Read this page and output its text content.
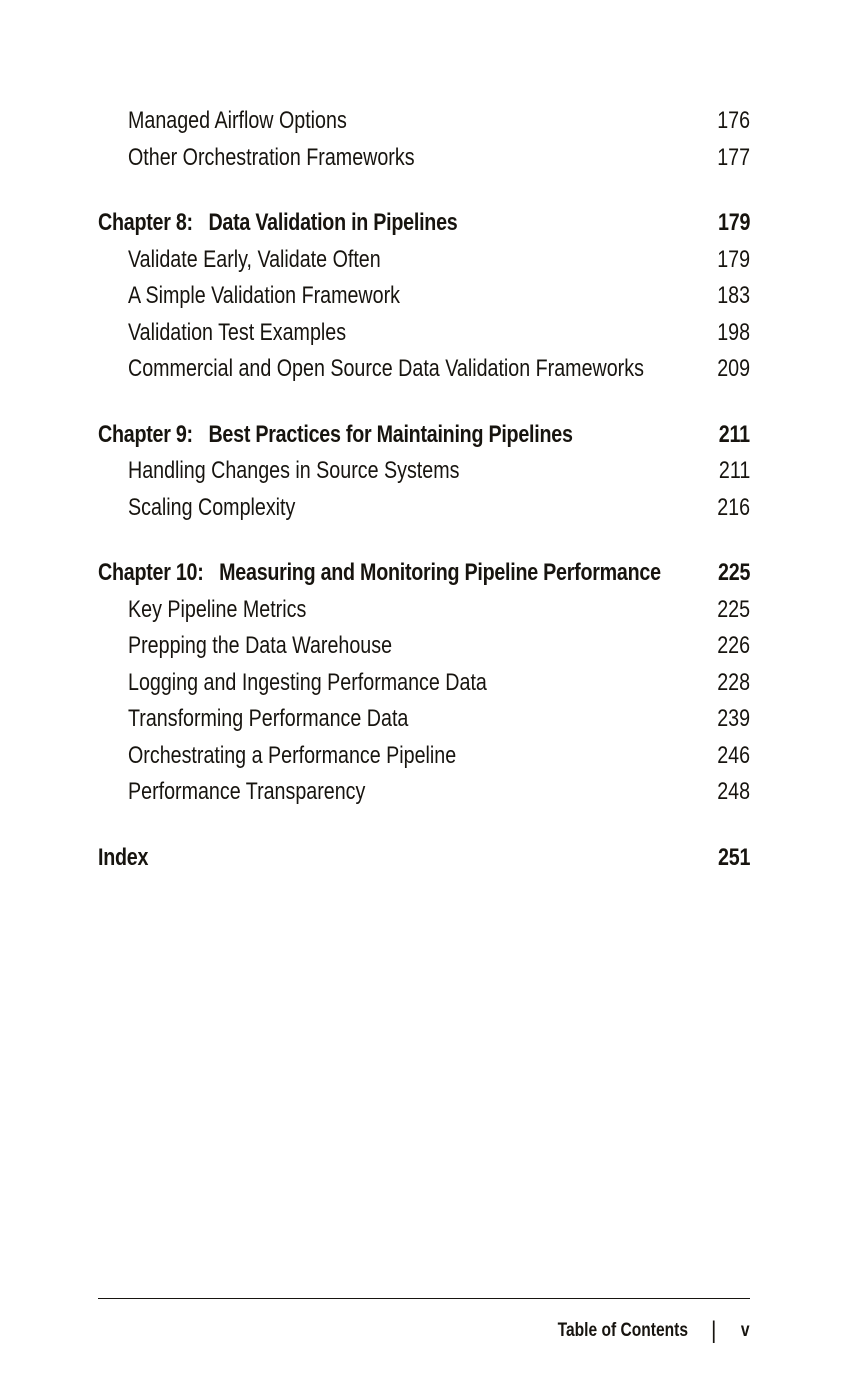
Managed Airflow Options	176
Other Orchestration Frameworks	177
Chapter 8: Data Validation in Pipelines	179
Validate Early, Validate Often	179
A Simple Validation Framework	183
Validation Test Examples	198
Commercial and Open Source Data Validation Frameworks	209
Chapter 9: Best Practices for Maintaining Pipelines	211
Handling Changes in Source Systems	211
Scaling Complexity	216
Chapter 10: Measuring and Monitoring Pipeline Performance 225
Key Pipeline Metrics	225
Prepping the Data Warehouse	226
Logging and Ingesting Performance Data	228
Transforming Performance Data	239
Orchestrating a Performance Pipeline	246
Performance Transparency	248
Index	251
Table of Contents | v
